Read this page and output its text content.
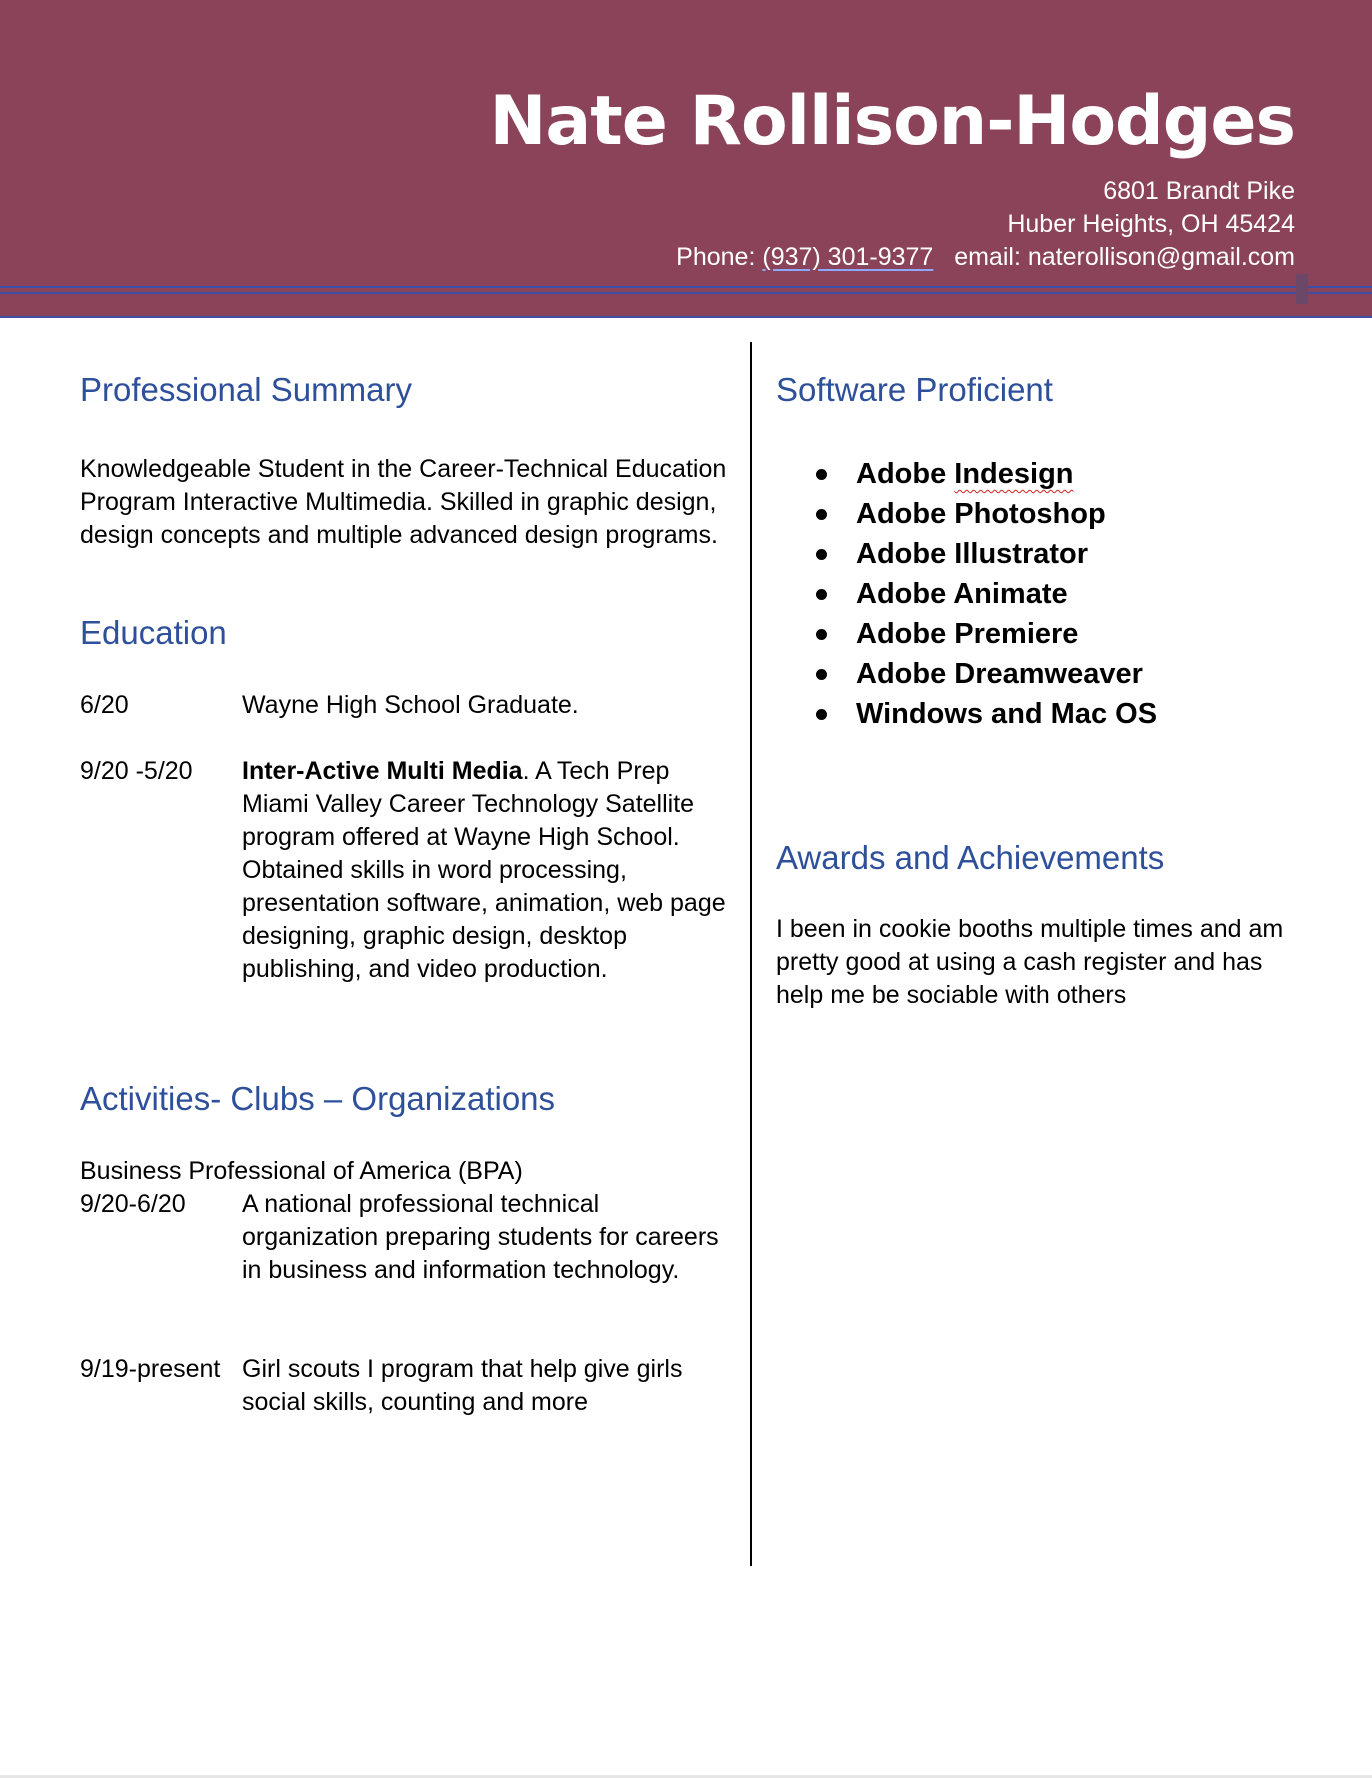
Nate Rollison-Hodges
6801 Brandt Pike
Huber Heights, OH 45424
Phone: (937) 301-9377 email: naterollison@gmail.com
Professional Summary

Knowledgeable Student in the Career-Technical Education Program Interactive Multimedia. Skilled in graphic design, design concepts and multiple advanced design programs.

Education
6/20	Wayne High School Graduate.
9/20 -5/20 Inter-Active Multi Media. A Tech Prep Miami Valley Career Technology Satellite program offered at Wayne High School. Obtained skills in word processing, presentation software, animation, web page designing, graphic design, desktop publishing, and video production.
Activities- Clubs – Organizations
Business Professional of America (BPA)
9/20-6/20 A national professional technical organization preparing students for careers in business and information technology.
9/19-present Girl scouts I program that help give girls social skills, counting and more
Software Proficient
Adobe Indesign
Adobe Photoshop
Adobe Illustrator
Adobe Animate
Adobe Premiere
Adobe Dreamweaver
Windows and Mac OS
Awards and Achievements

I been in cookie booths multiple times and am pretty good at using a cash register and has help me be sociable with others
